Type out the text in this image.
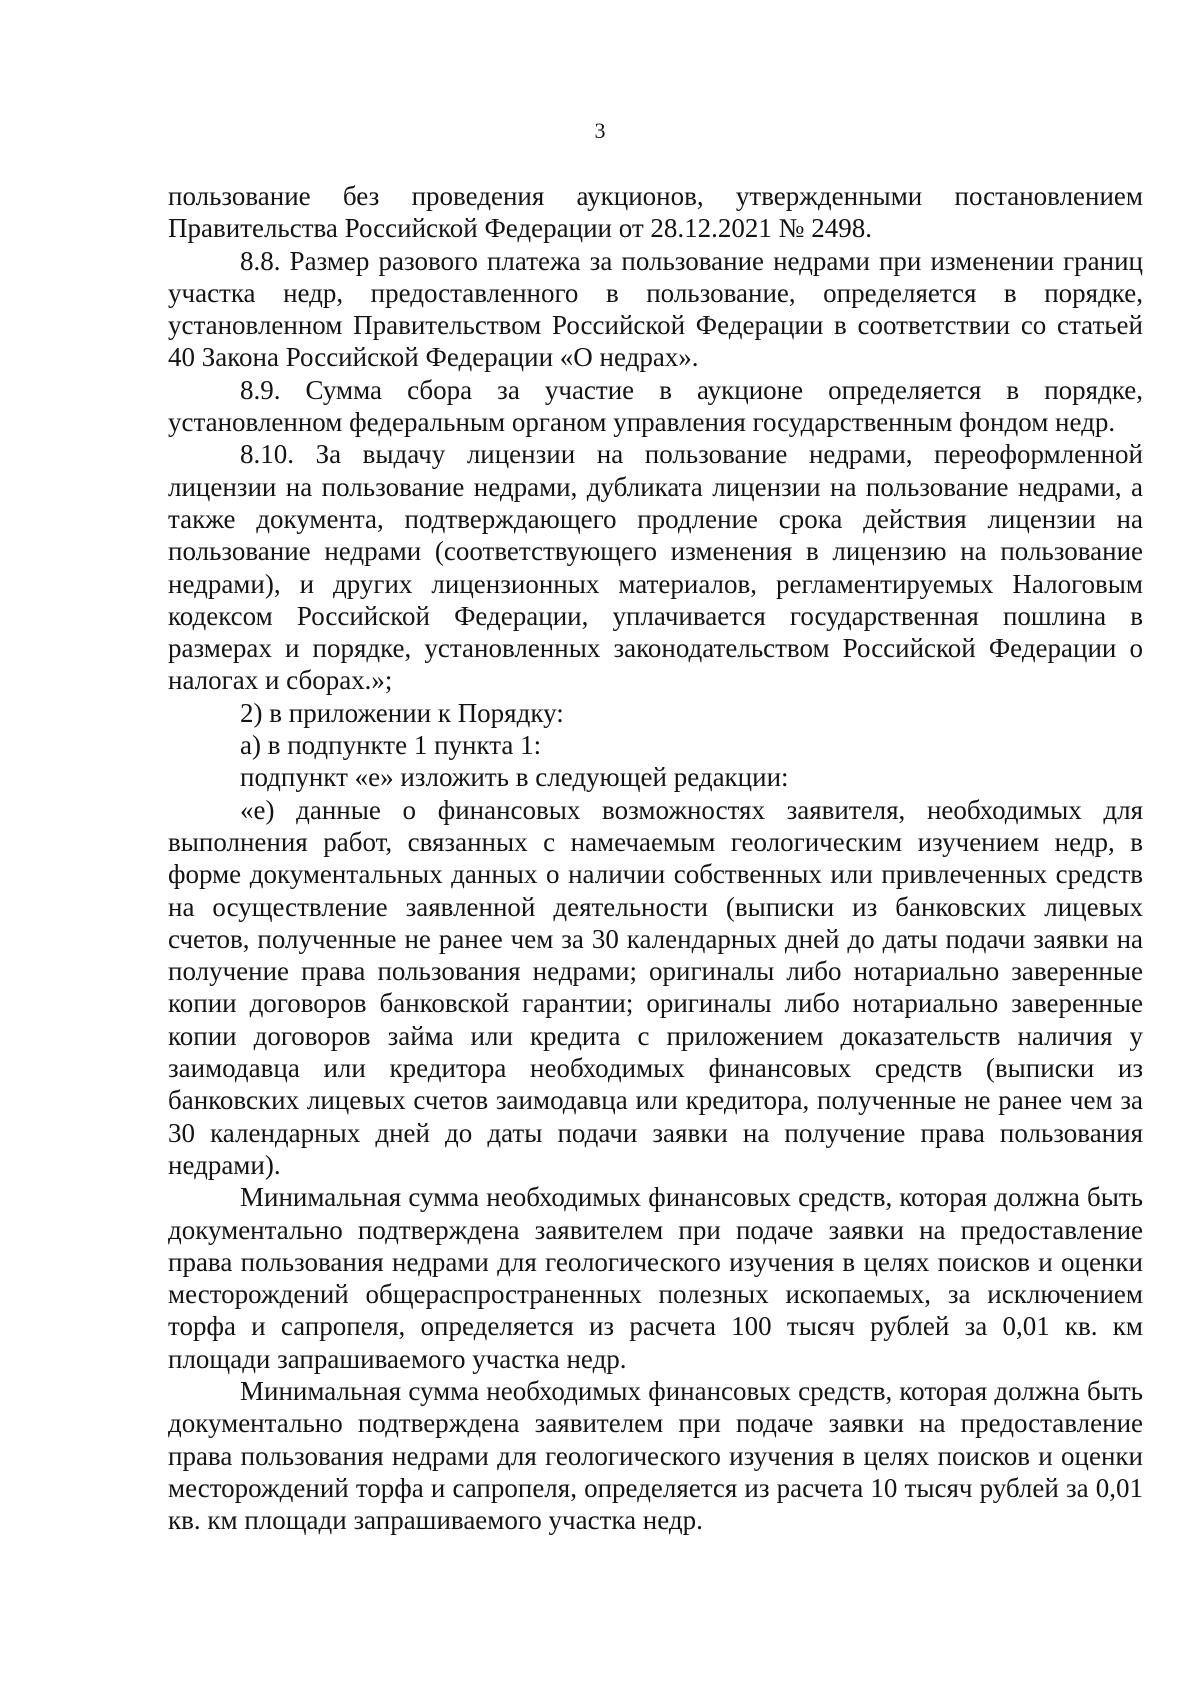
3

пользование без проведения аукционов, утвержденными постановлением Правительства Российской Федерации от 28.12.2021 № 2498.

8.8. Размер разового платежа за пользование недрами при изменении границ участка недр, предоставленного в пользование, определяется в порядке, установленном Правительством Российской Федерации в соответствии со статьей 40 Закона Российской Федерации «О недрах».

8.9. Сумма сбора за участие в аукционе определяется в порядке, установленном федеральным органом управления государственным фондом недр.

8.10. За выдачу лицензии на пользование недрами, переоформленной лицензии на пользование недрами, дубликата лицензии на пользование недрами, а также документа, подтверждающего продление срока действия лицензии на пользование недрами (соответствующего изменения в лицензию на пользование недрами), и других лицензионных материалов, регламентируемых Налоговым кодексом Российской Федерации, уплачивается государственная пошлина в размерах и порядке, установленных законодательством Российской Федерации о налогах и сборах.»;

2) в приложении к Порядку:

а) в подпункте 1 пункта 1:

подпункт «е» изложить в следующей редакции:

«е) данные о финансовых возможностях заявителя, необходимых для выполнения работ, связанных с намечаемым геологическим изучением недр, в форме документальных данных о наличии собственных или привлеченных средств на осуществление заявленной деятельности (выписки из банковских лицевых счетов, полученные не ранее чем за 30 календарных дней до даты подачи заявки на получение права пользования недрами; оригиналы либо нотариально заверенные копии договоров банковской гарантии; оригиналы либо нотариально заверенные копии договоров займа или кредита с приложением доказательств наличия у заимодавца или кредитора необходимых финансовых средств (выписки из банковских лицевых счетов заимодавца или кредитора, полученные не ранее чем за 30 календарных дней до даты подачи заявки на получение права пользования недрами).

Минимальная сумма необходимых финансовых средств, которая должна быть документально подтверждена заявителем при подаче заявки на предоставление права пользования недрами для геологического изучения в целях поисков и оценки месторождений общераспространенных полезных ископаемых, за исключением торфа и сапропеля, определяется из расчета 100 тысяч рублей за 0,01 кв. км площади запрашиваемого участка недр.

Минимальная сумма необходимых финансовых средств, которая должна быть документально подтверждена заявителем при подаче заявки на предоставление права пользования недрами для геологического изучения в целях поисков и оценки месторождений торфа и сапропеля, определяется из расчета 10 тысяч рублей за 0,01 кв. км площади запрашиваемого участка недр.
